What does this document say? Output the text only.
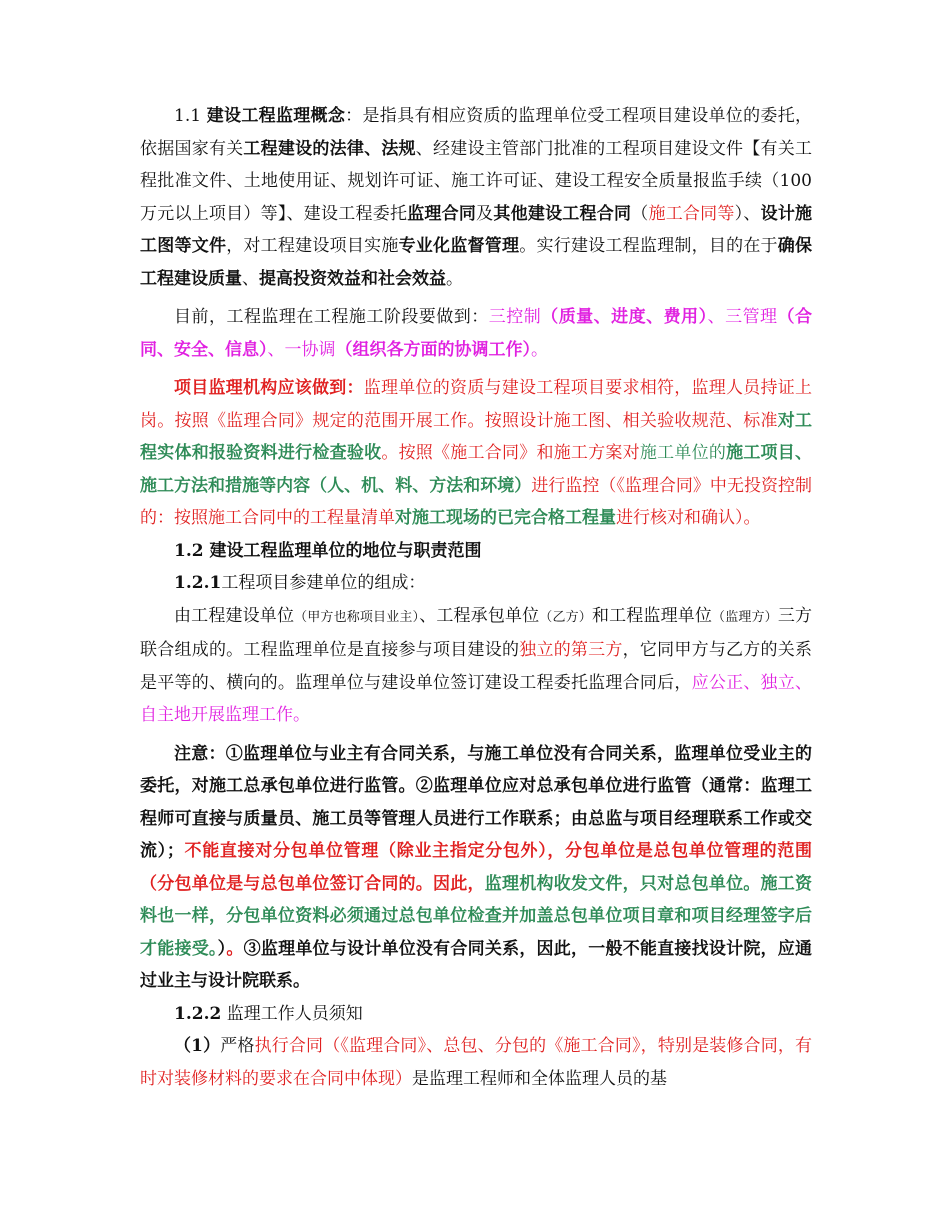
1.1 建设工程监理概念：是指具有相应资质的监理单位受工程项目建设单位的委托，依据国家有关工程建设的法律、法规、经建设主管部门批准的工程项目建设文件【有关工程批准文件、土地使用证、规划许可证、施工许可证、建设工程安全质量报监手续（100 万元以上项目）等】、建设工程委托监理合同及其他建设工程合同（施工合同等）、设计施工图等文件，对工程建设项目实施专业化监督管理。实行建设工程监理制，目的在于确保工程建设质量、提高投资效益和社会效益。

目前，工程监理在工程施工阶段要做到：三控制（质量、进度、费用）、三管理（合同、安全、信息）、一协调（组织各方面的协调工作）。

项目监理机构应该做到：监理单位的资质与建设工程项目要求相符，监理人员持证上岗。按照《监理合同》规定的范围开展工作。按照设计施工图、相关验收规范、标准对工程实体和报验资料进行检查验收。按照《施工合同》和施工方案对施工单位的施工项目、施工方法和措施等内容（人、机、料、方法和环境）进行监控（《监理合同》中无投资控制的：按照施工合同中的工程量清单对施工现场的已完合格工程量进行核对和确认）。

1.2 建设工程监理单位的地位与职责范围

1.2.1工程项目参建单位的组成：

由工程建设单位（甲方也称项目业主）、工程承包单位（乙方）和工程监理单位（监理方）三方联合组成的。工程监理单位是直接参与项目建设的独立的第三方，它同甲方与乙方的关系是平等的、横向的。监理单位与建设单位签订建设工程委托监理合同后，应公正、独立、自主地开展监理工作。

注意：①监理单位与业主有合同关系，与施工单位没有合同关系，监理单位受业主的委托，对施工总承包单位进行监管。②监理单位应对总承包单位进行监管（通常：监理工程师可直接与质量员、施工员等管理人员进行工作联系；由总监与项目经理联系工作或交流）；不能直接对分包单位管理（除业主指定分包外），分包单位是总包单位管理的范围（分包单位是与总包单位签订合同的。因此，监理机构收发文件，只对总包单位。施工资料也一样，分包单位资料必须通过总包单位检查并加盖总包单位项目章和项目经理签字后才能接受。）。③监理单位与设计单位没有合同关系，因此，一般不能直接找设计院，应通过业主与设计院联系。

1.2.2 监理工作人员须知

（1）严格执行合同（《监理合同》、总包、分包的《施工合同》，特别是装修合同，有时对装修材料的要求在合同中体现）是监理工程师和全体监理人员的基
